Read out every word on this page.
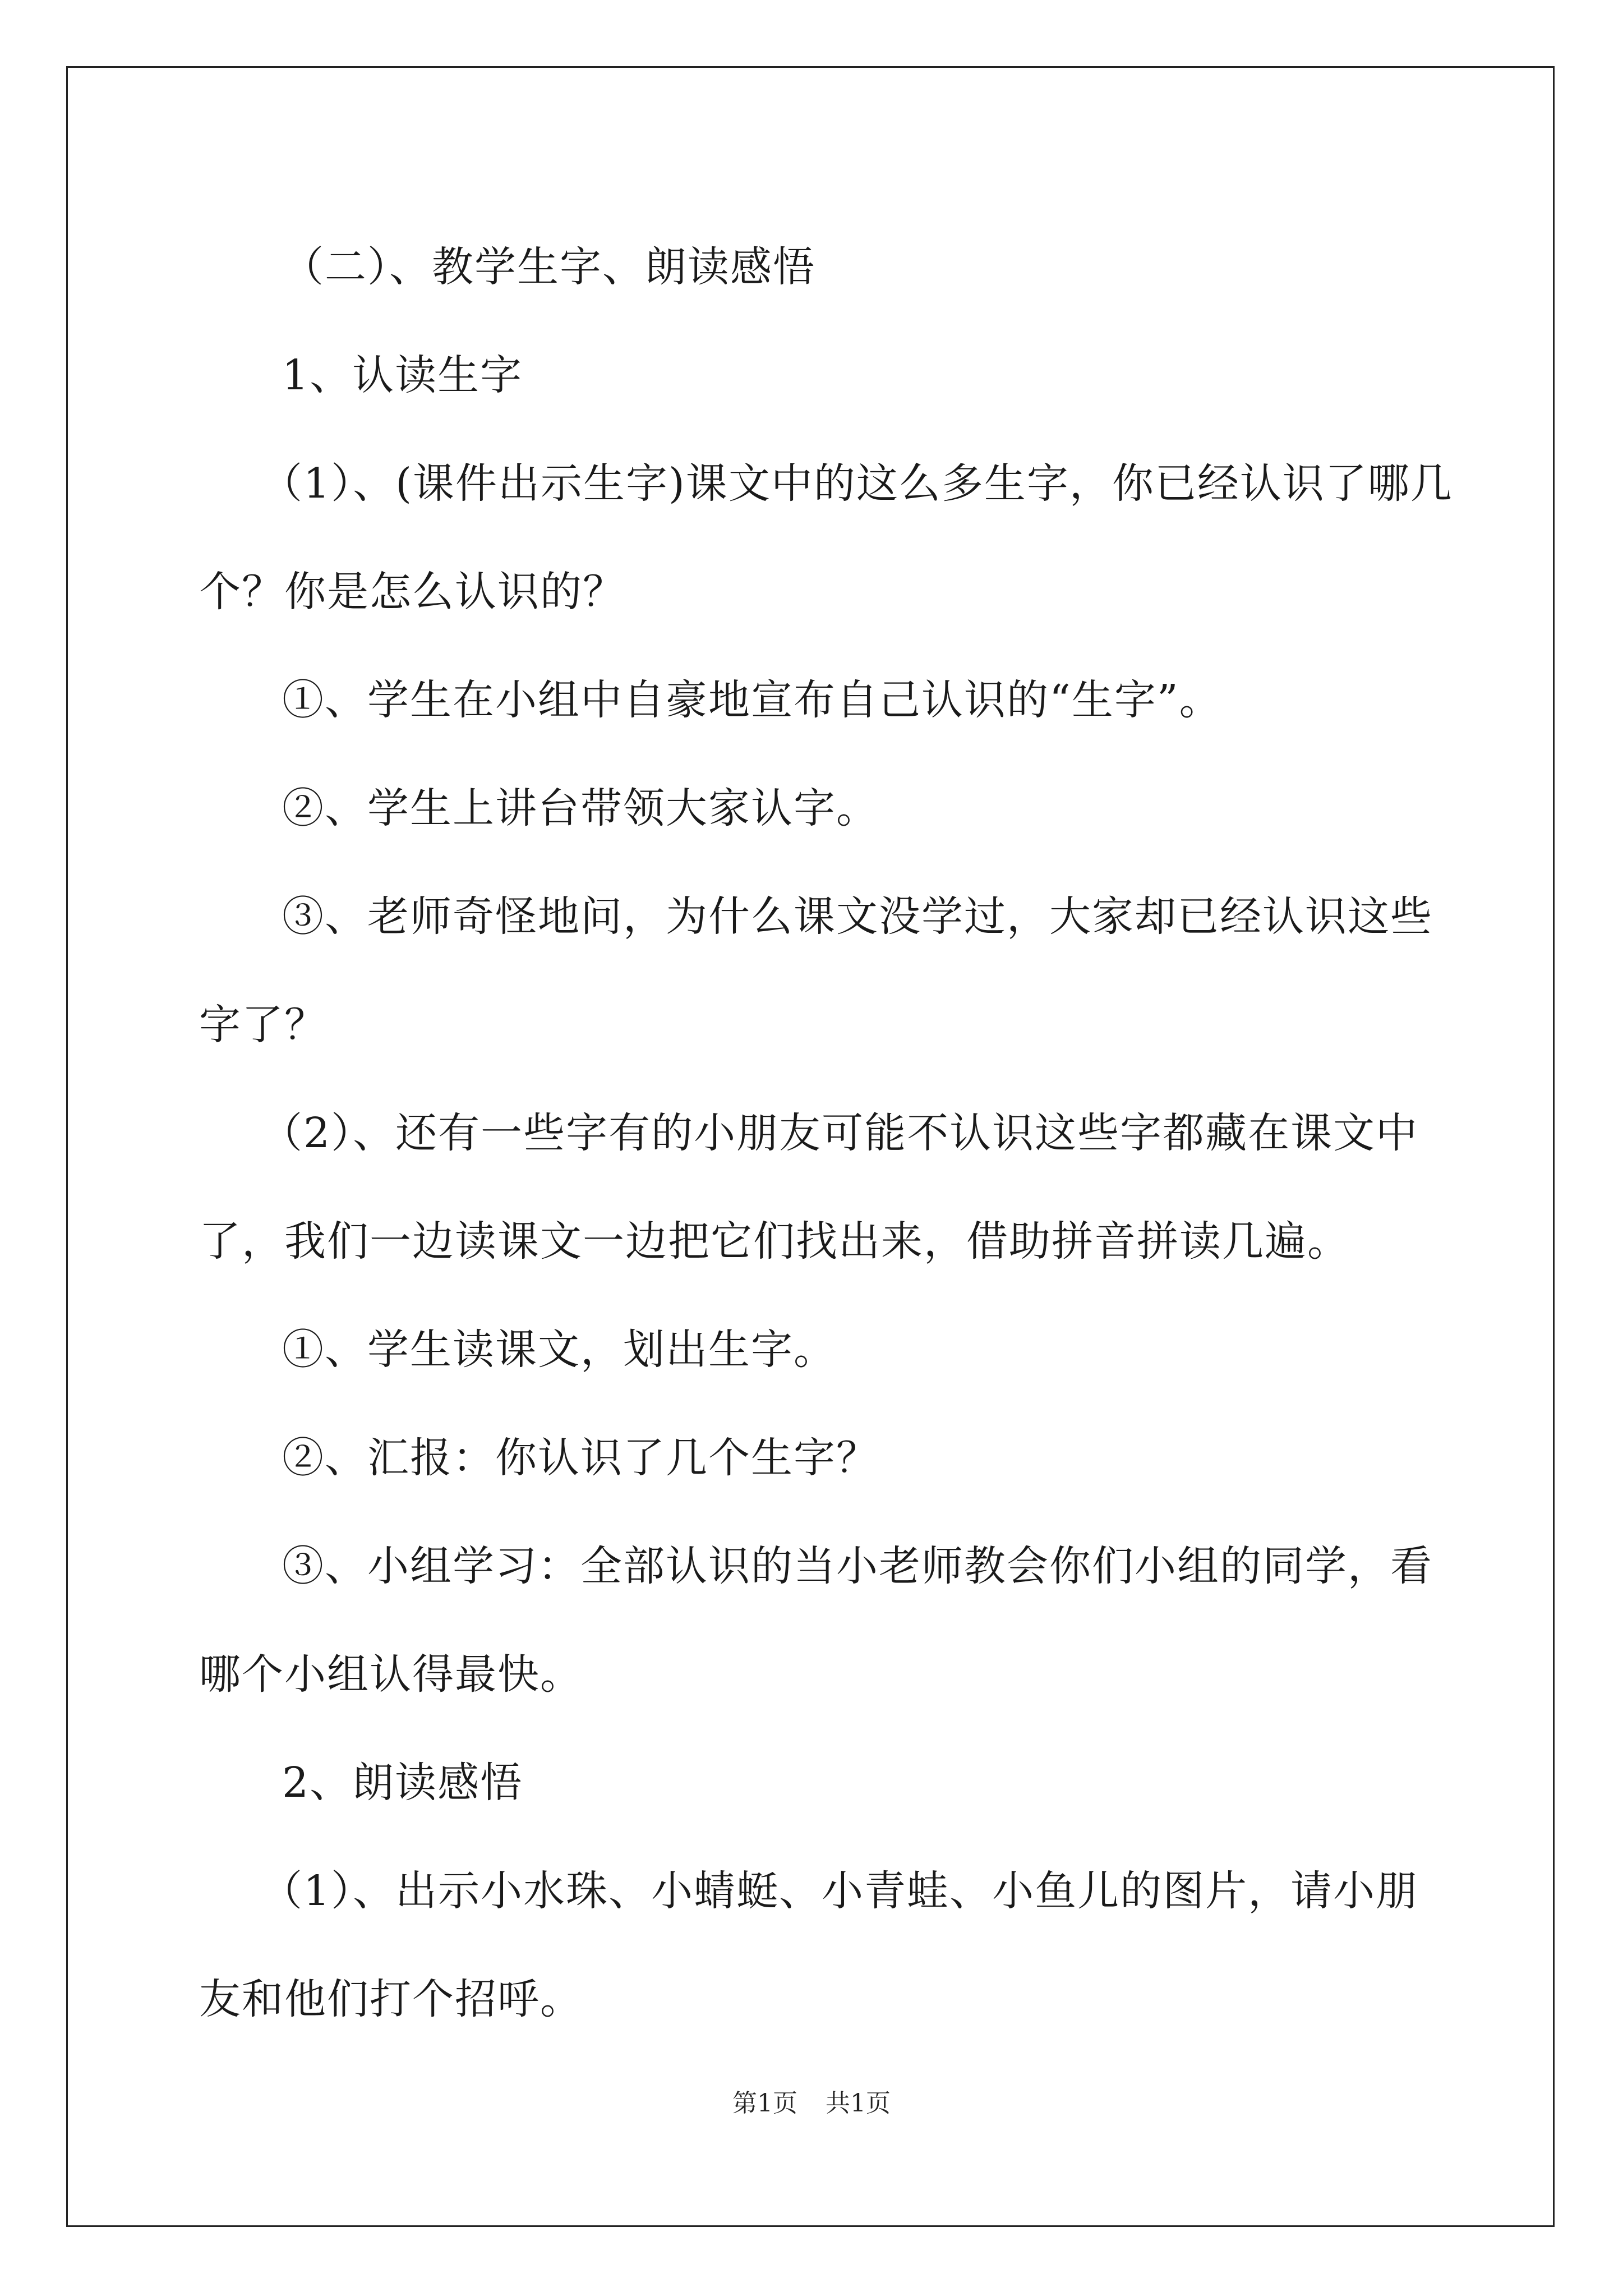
（二）、教学生字、朗读感悟

1、认读生字

（1）、(课件出示生字)课文中的这么多生字，你已经认识了哪几个？你是怎么认识的？

①、学生在小组中自豪地宣布自己认识的“生字”。

②、学生上讲台带领大家认字。

③、老师奇怪地问，为什么课文没学过，大家却已经认识这些字了？

（2）、还有一些字有的小朋友可能不认识这些字都藏在课文中了，我们一边读课文一边把它们找出来，借助拼音拼读几遍。

①、学生读课文，划出生字。

②、汇报：你认识了几个生字？

③、小组学习：全部认识的当小老师教会你们小组的同学，看哪个小组认得最快。

2、朗读感悟

（1）、出示小水珠、小蜻蜓、小青蛙、小鱼儿的图片，请小朋友和他们打个招呼。

第1页 共1页
